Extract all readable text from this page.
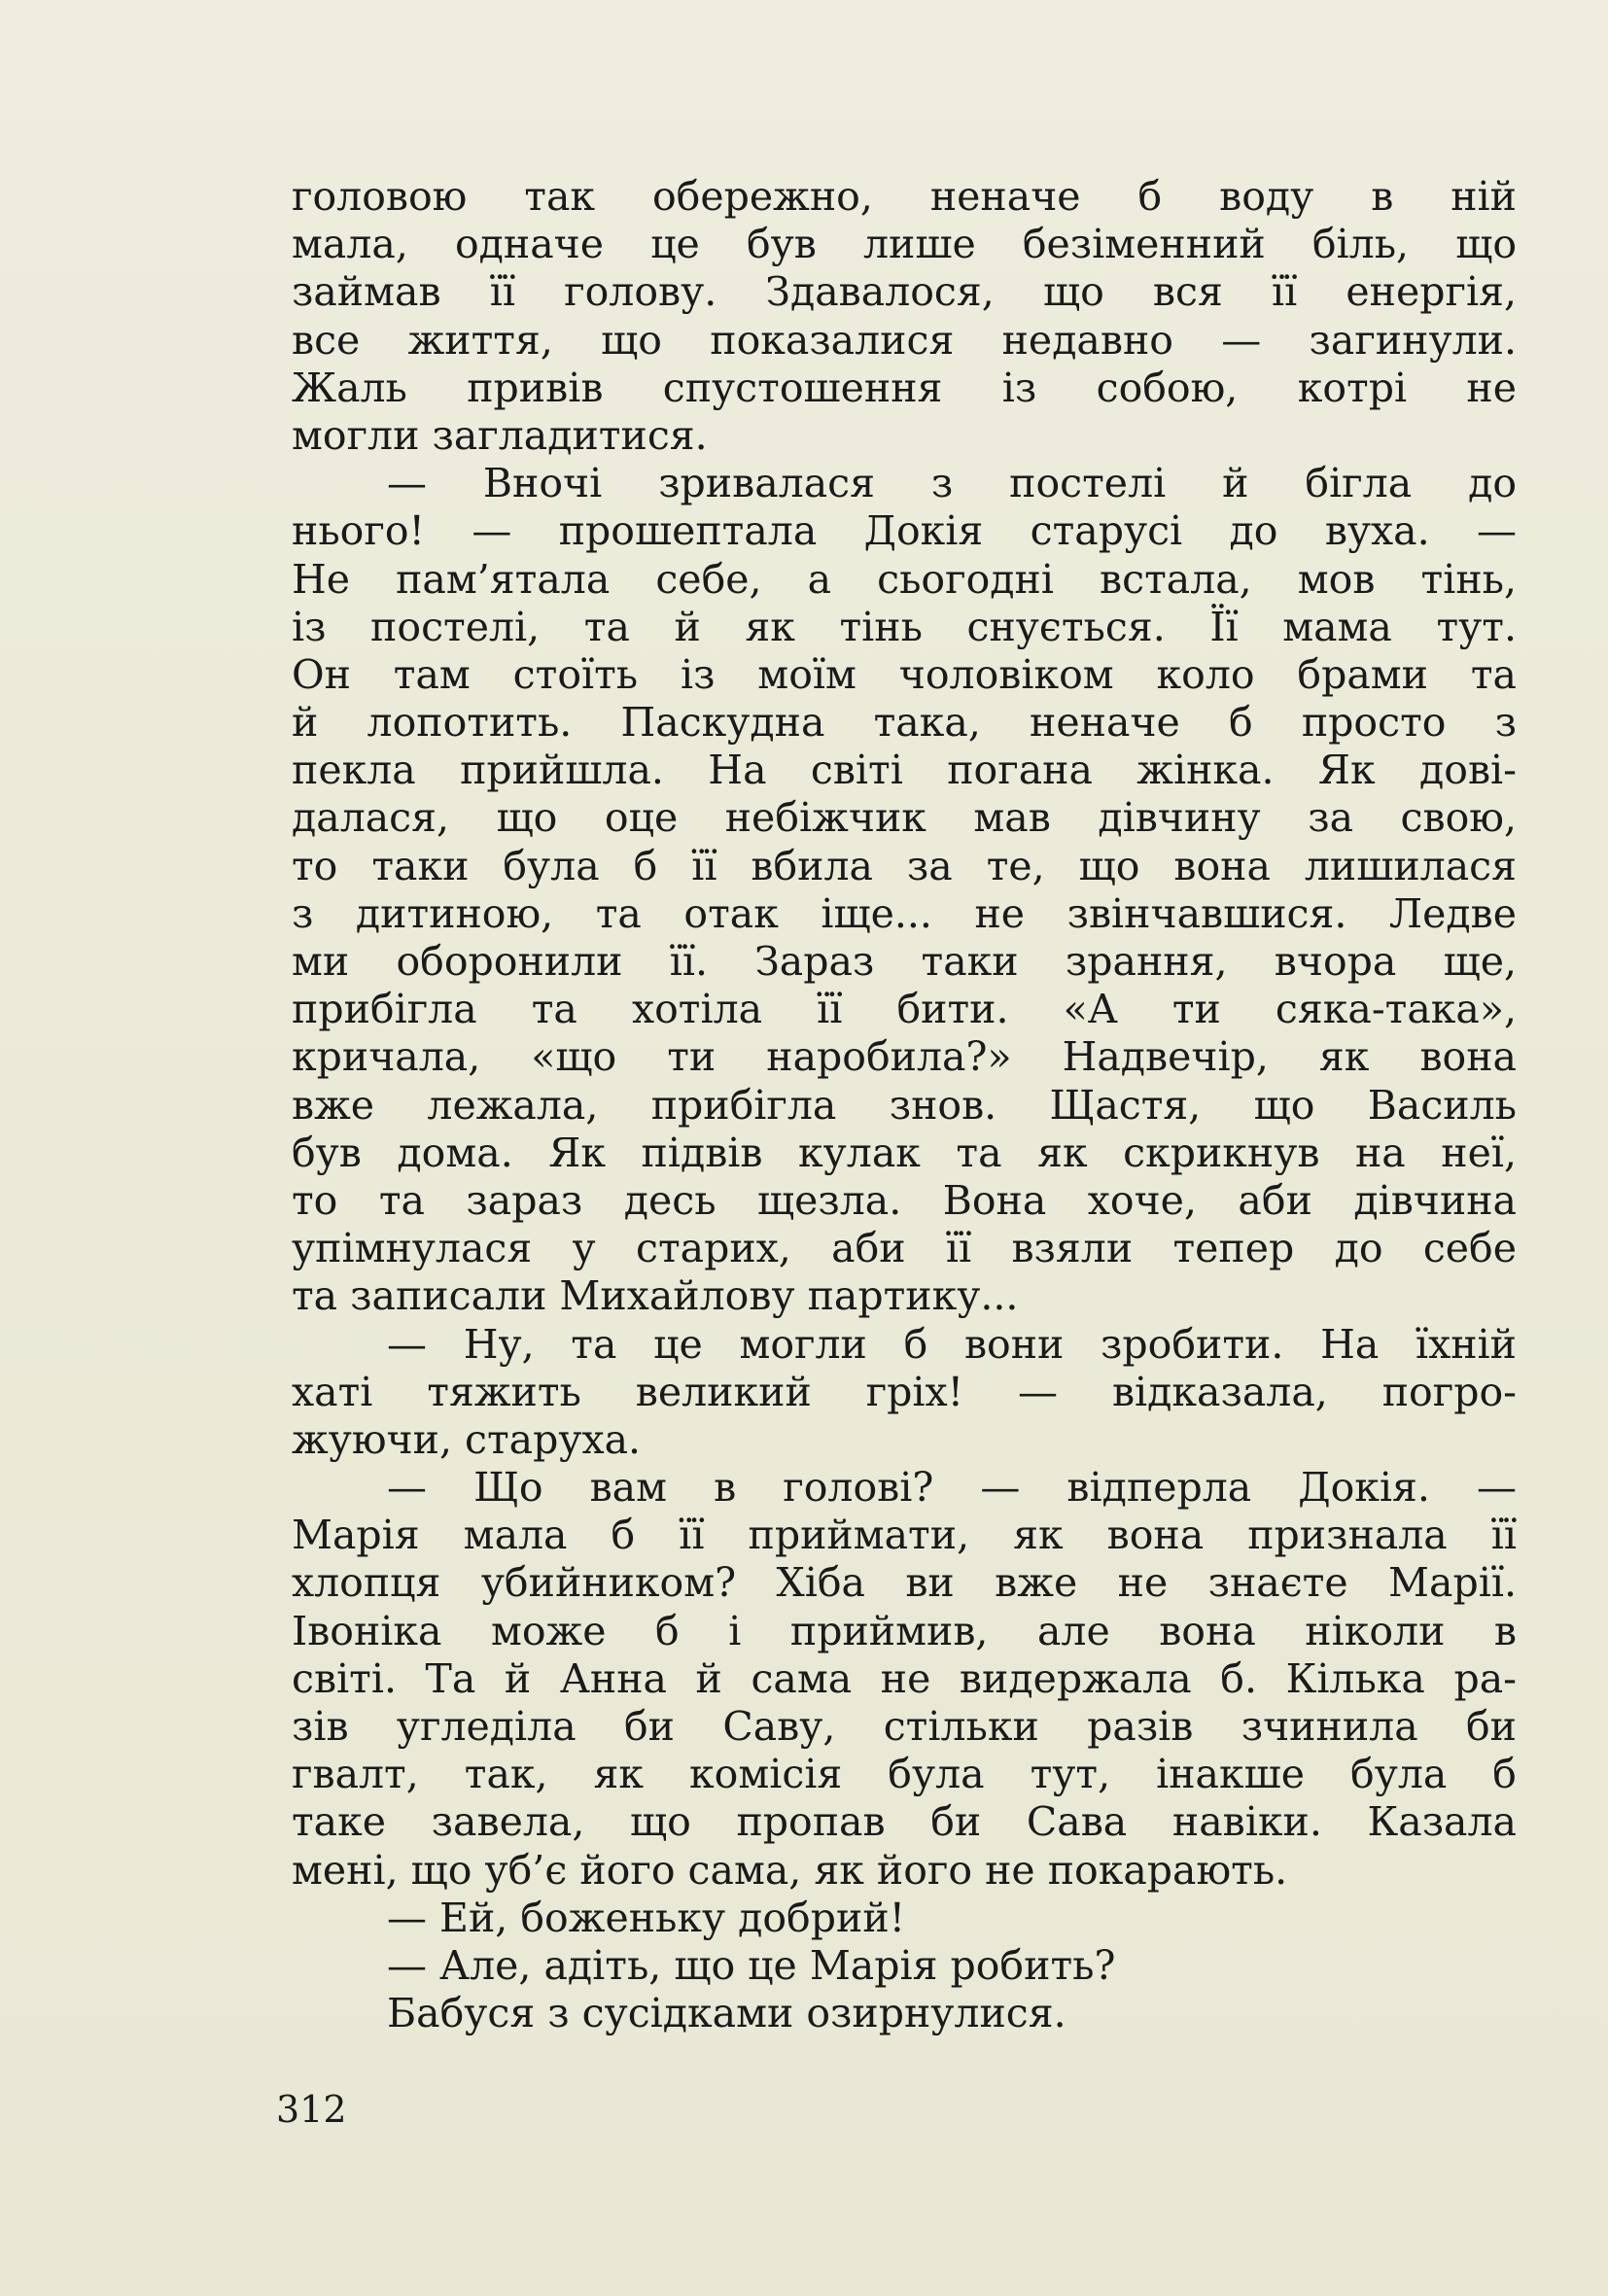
головою так обережно, неначе б воду в ній
мала, одначе це був лише безіменний біль, що
займав її голову. Здавалося, що вся її енергія,
все життя, що показалися недавно — загинули.
Жаль привів спустошення із собою, котрі не
могли загладитися.
— Вночі зривалася з постелі й бігла до
нього! — прошептала Докія старусі до вуха. —
Не пам’ятала себе, а сьогодні встала, мов тінь,
із постелі, та й як тінь снується. Її мама тут.
Он там стоїть із моїм чоловіком коло брами та
й лопотить. Паскудна така, неначе б просто з
пекла прийшла. На світі погана жінка. Як дові-
далася, що оце небіжчик мав дівчину за свою,
то таки була б її вбила за те, що вона лишилася
з дитиною, та отак іще... не звінчавшися. Ледве
ми оборонили її. Зараз таки зрання, вчора ще,
прибігла та хотіла її бити. «А ти сяка-така»,
кричала, «що ти наробила?» Надвечір, як вона
вже лежала, прибігла знов. Щастя, що Василь
був дома. Як підвів кулак та як скрикнув на неї,
то та зараз десь щезла. Вона хоче, аби дівчина
упімнулася у старих, аби її взяли тепер до себе
та записали Михайлову партику...
— Ну, та це могли б вони зробити. На їхній
хаті тяжить великий гріх! — відказала, погро-
жуючи, старуха.
— Що вам в голові? — відперла Докія. —
Марія мала б її приймати, як вона признала її
хлопця убийником? Хіба ви вже не знаєте Марії.
Івоніка може б і приймив, але вона ніколи в
світі. Та й Анна й сама не видержала б. Кілька ра-
зів угледіла би Саву, стільки разів зчинила би
гвалт, так, як комісія була тут, інакше була б
таке завела, що пропав би Сава навіки. Казала
мені, що уб’є його сама, як його не покарають.
— Ей, боженьку добрий!
— Але, адіть, що це Марія робить?
Бабуся з сусідками озирнулися.
312
